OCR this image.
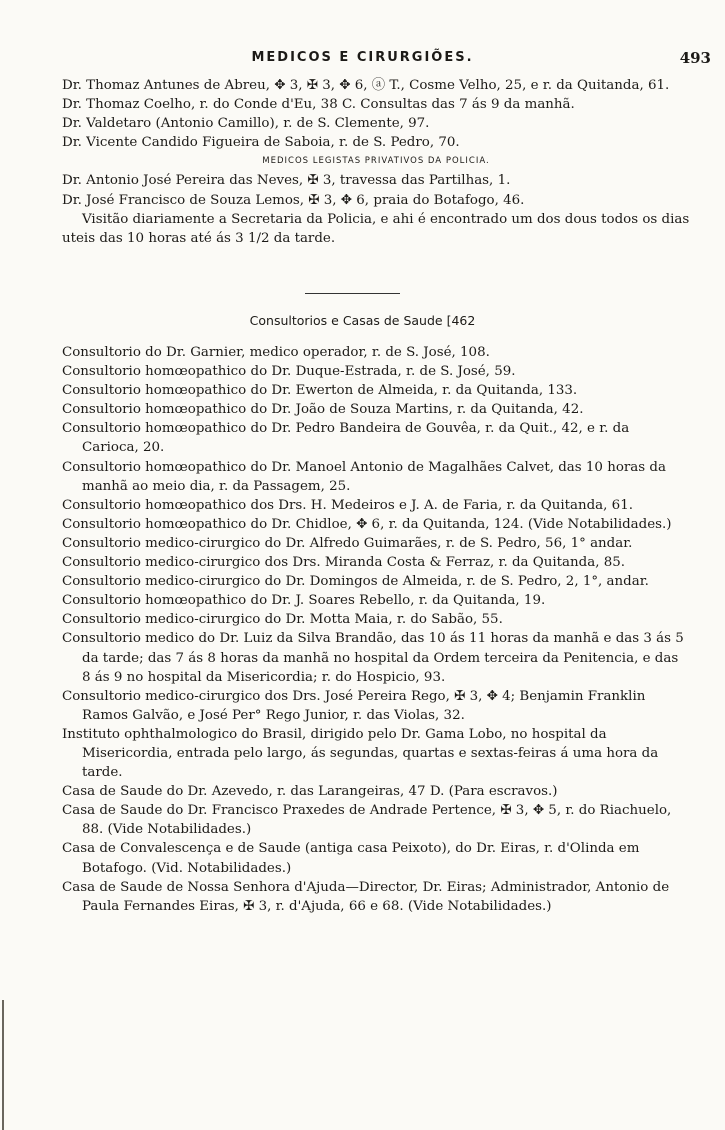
MEDICOS E CIRURGIÕES.	493

Dr. Thomaz Antunes de Abreu, ✥ 3, ✠ 3, ✥ 6, ⓐ T., Cosme Velho, 25, e r. da Quitanda, 61.

Dr. Thomaz Coelho, r. do Conde d'Eu, 38 C. Consultas das 7 ás 9 da manhã.

Dr. Valdetaro (Antonio Camillo), r. de S. Clemente, 97.

Dr. Vicente Candido Figueira de Saboia, r. de S. Pedro, 70.

MEDICOS LEGISTAS PRIVATIVOS DA POLICIA.

Dr. Antonio José Pereira das Neves, ✠ 3, travessa das Partilhas, 1.

Dr. José Francisco de Souza Lemos, ✠ 3, ✥ 6, praia do Botafogo, 46.

Visitão diariamente a Secretaria da Policia, e ahi é encontrado um dos dous todos os dias uteis das 10 horas até ás 3 1/2 da tarde.

Consultorios e Casas de Saude [462

Consultorio do Dr. Garnier, medico operador, r. de S. José, 108.

Consultorio homœopathico do Dr. Duque-Estrada, r. de S. José, 59.

Consultorio homœopathico do Dr. Ewerton de Almeida, r. da Quitanda, 133.

Consultorio homœopathico do Dr. João de Souza Martins, r. da Quitanda, 42.

Consultorio homœopathico do Dr. Pedro Bandeira de Gouvêa, r. da Quit., 42, e r. da Carioca, 20.

Consultorio homœopathico do Dr. Manoel Antonio de Magalhães Calvet, das 10 horas da manhã ao meio dia, r. da Passagem, 25.

Consultorio homœopathico dos Drs. H. Medeiros e J. A. de Faria, r. da Quitanda, 61.

Consultorio homœopathico do Dr. Chidloe, ✥ 6, r. da Quitanda, 124. (Vide Notabilidades.)

Consultorio medico-cirurgico do Dr. Alfredo Guimarães, r. de S. Pedro, 56, 1° andar.

Consultorio medico-cirurgico dos Drs. Miranda Costa & Ferraz, r. da Quitanda, 85.

Consultorio medico-cirurgico do Dr. Domingos de Almeida, r. de S. Pedro, 2, 1°, andar.

Consultorio homœopathico do Dr. J. Soares Rebello, r. da Quitanda, 19.

Consultorio medico-cirurgico do Dr. Motta Maia, r. do Sabão, 55.

Consultorio medico do Dr. Luiz da Silva Brandão, das 10 ás 11 horas da manhã e das 3 ás 5 da tarde; das 7 ás 8 horas da manhã no hospital da Ordem terceira da Penitencia, e das 8 ás 9 no hospital da Misericordia; r. do Hospicio, 93.

Consultorio medico-cirurgico dos Drs. José Pereira Rego, ✠ 3, ✥ 4; Benjamin Franklin Ramos Galvão, e José Per° Rego Junior, r. das Violas, 32.

Instituto ophthalmologico do Brasil, dirigido pelo Dr. Gama Lobo, no hospital da Misericordia, entrada pelo largo, ás segundas, quartas e sextas-feiras á uma hora da tarde.

Casa de Saude do Dr. Azevedo, r. das Larangeiras, 47 D. (Para escravos.)

Casa de Saude do Dr. Francisco Praxedes de Andrade Pertence, ✠ 3, ✥ 5, r. do Riachuelo, 88. (Vide Notabilidades.)

Casa de Convalescença e de Saude (antiga casa Peixoto), do Dr. Eiras, r. d'Olinda em Botafogo. (Vid. Notabilidades.)

Casa de Saude de Nossa Senhora d'Ajuda—Director, Dr. Eiras; Administrador, Antonio de Paula Fernandes Eiras, ✠ 3, r. d'Ajuda, 66 e 68. (Vide Notabilidades.)
